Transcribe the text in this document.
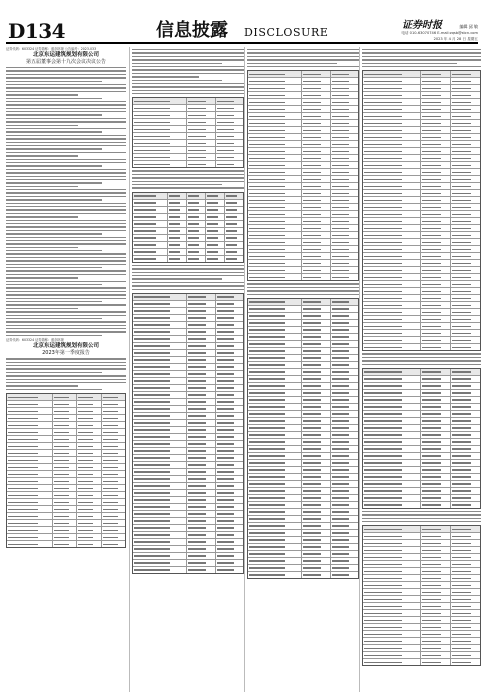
D134	信息披露 DISCLOSURE
证券时报	编辑 邱 敏
电话 010-63070746 E-mail:zqsb@stcn.com
2023 年 4 月 28 日 星期五
证券代码：603324 证券简称：盛剑环境 公告编号：2023-033
北京东运建筑规划有限公司
第五届董事会第十九次会议决议公告
证券代码：603324 证券简称：盛剑环境
北京东运建筑规划有限公司
2023年第一季度报告
